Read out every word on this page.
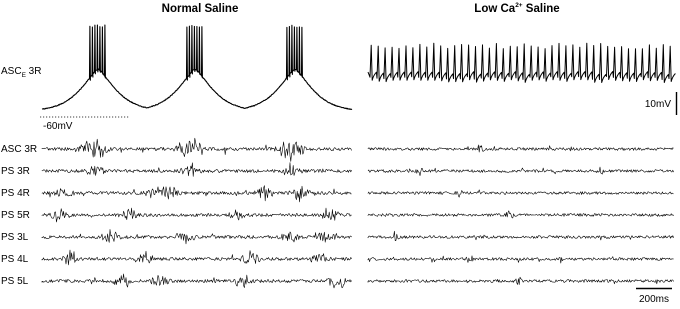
Normal Saline	Low $Ca^{2+}$ Saline
$ASC_E$ 3R
-60mV
10mV
ASC 3R
PS 3R
PS 4R
PS 5R
PS 3L
PS 4L
PS 5L
200ms
